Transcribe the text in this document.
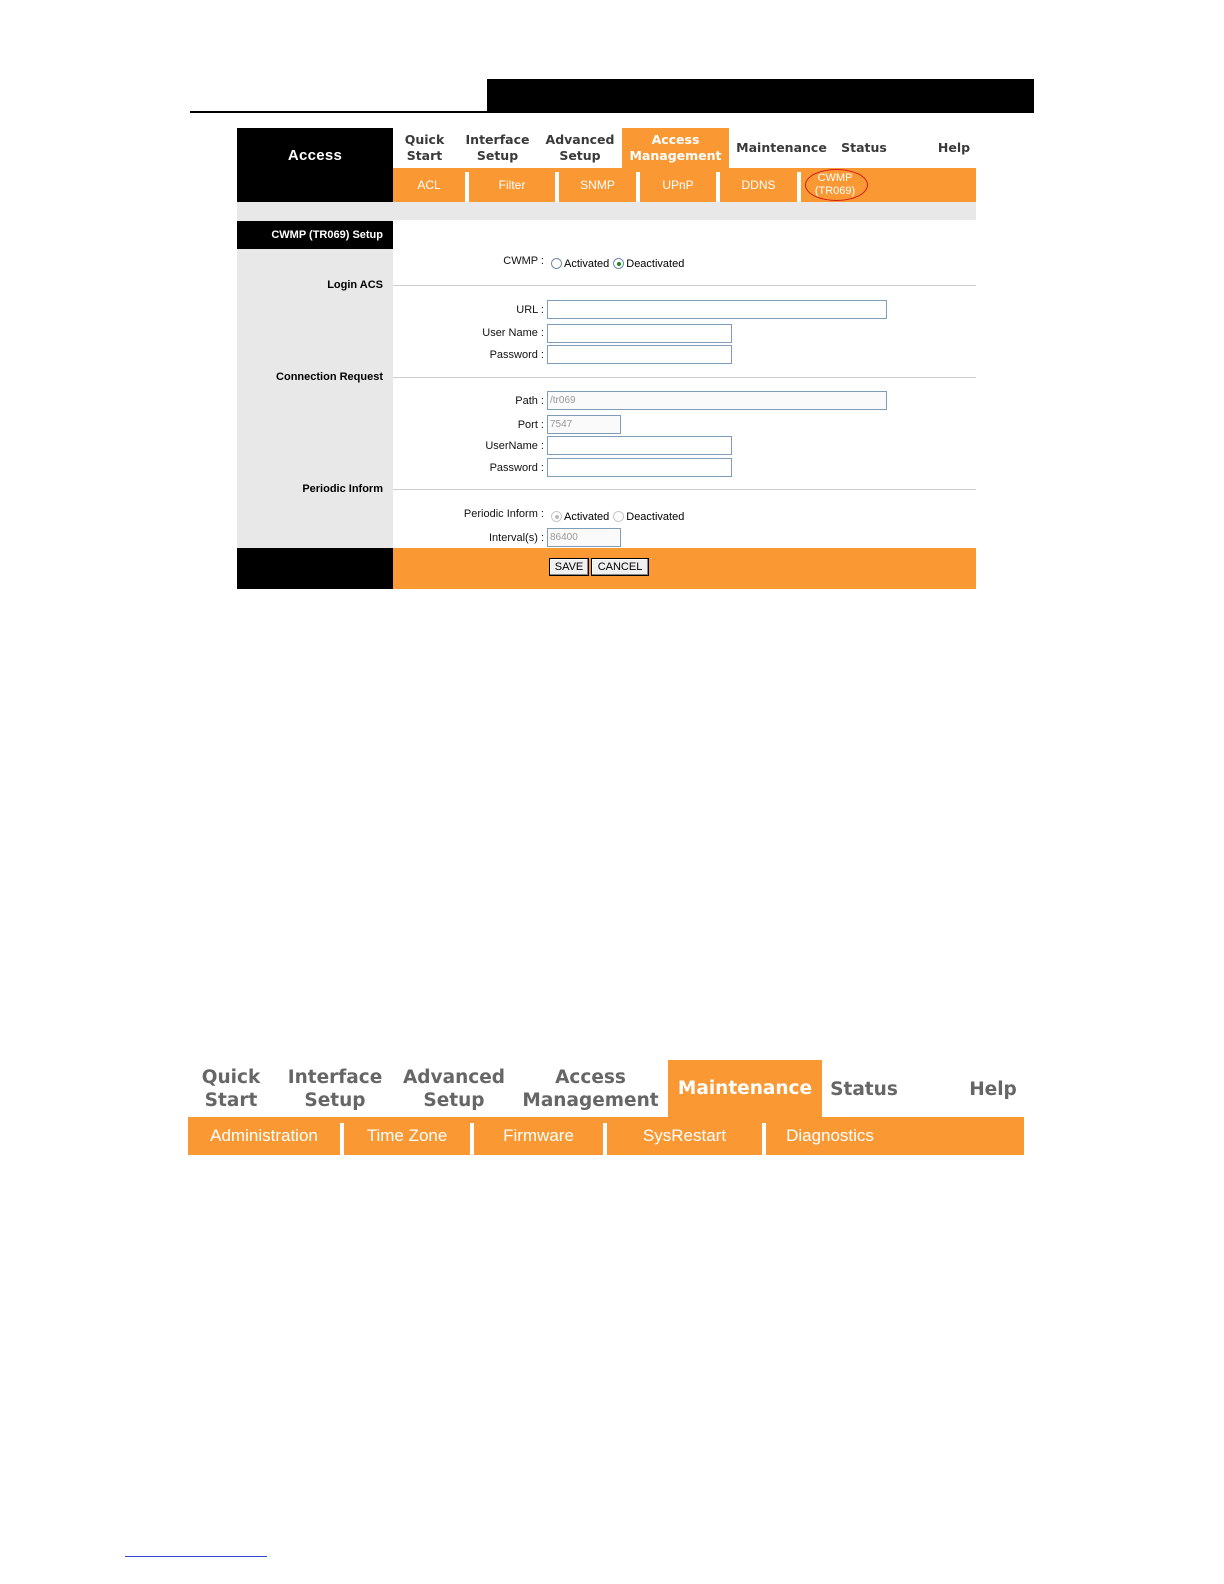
Access

Quick
Start
Interface
Setup
Advanced
Setup
Access
Management
Maintenance	Status	Help
ACL	Filter	SNMP	UPnP	DDNS	CWMP
(TR069)
CWMP (TR069) Setup
CWMP :	Activated Deactivated
Login ACS
URL :
User Name :
Password :
Connection Request
Path :
/tr069
Port :
7547
UserName :
Password :
Periodic Inform
Periodic Inform :	Activated Deactivated
Interval(s) :
86400
SAVE	CANCEL
Quick
Start
Interface
Setup
Advanced
Setup
Access
Management
Maintenance Status	Help
Administration	Time Zone	Firmware	SysRestart	Diagnostics
